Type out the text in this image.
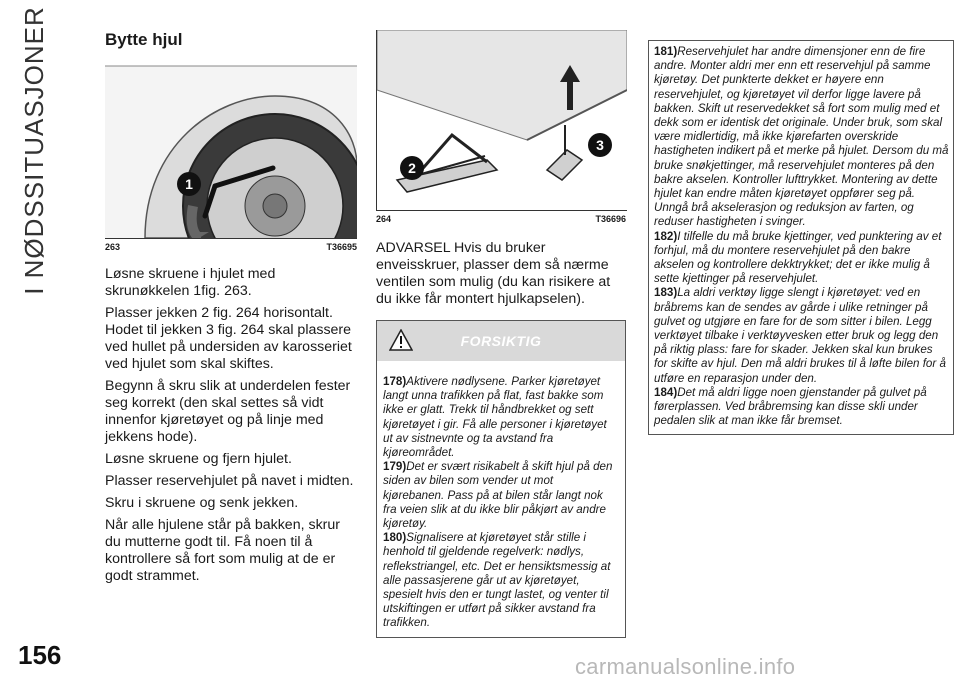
I NØDSSITUASJONER	Bytte hjul
1
263	T36695

Løsne skruene i hjulet med skrunøkkelen 1fig. 263.

Plasser jekken 2 fig. 264 horisontalt. Hodet til jekken 3 fig. 264 skal plassere ved hullet på undersiden av karosseriet ved hjulet som skal skiftes.

Begynn å skru slik at underdelen fester seg korrekt (den skal settes så vidt innenfor kjøretøyet og på linje med jekkens hode).

Løsne skruene og fjern hjulet.

Plasser reservehjulet på navet i midten.

Skru i skruene og senk jekken.

Når alle hjulene står på bakken, skrur du mutterne godt til. Få noen til å kontrollere så fort som mulig at de er godt strammet.

2
3
264	T36696
ADVARSEL Hvis du bruker enveisskruer, plasser dem så nærme ventilen som mulig (du kan risikere at du ikke får montert hjulkapselen).
FORSIKTIG

178)Aktivere nødlysene. Parker kjøretøyet langt unna trafikken på flat, fast bakke som ikke er glatt. Trekk til håndbrekket og sett kjøretøyet i gir. Få alle personer i kjøretøyet ut av sistnevnte og ta avstand fra kjøreområdet.

179)Det er svært risikabelt å skift hjul på den siden av bilen som vender ut mot kjørebanen. Pass på at bilen står langt nok fra veien slik at du ikke blir påkjørt av andre kjøretøy.

180)Signalisere at kjøretøyet står stille i henhold til gjeldende regelverk: nødlys, reflekstriangel, etc. Det er hensiktsmessig at alle passasjerene går ut av kjøretøyet, spesielt hvis den er tungt lastet, og venter til utskiftingen er utført på sikker avstand fra trafikken.

181)Reservehjulet har andre dimensjoner enn de fire andre. Monter aldri mer enn ett reservehjul på samme kjøretøy. Det punkterte dekket er høyere enn reservehjulet, og kjøretøyet vil derfor ligge lavere på bakken. Skift ut reservedekket så fort som mulig med et dekk som er identisk det originale. Under bruk, som skal være midlertidig, må ikke kjørefarten overskride hastigheten indikert på et merke på hjulet. Dersom du må bruke snøkjettinger, må reservehjulet monteres på den bakre akselen. Kontroller lufttrykket. Montering av dette hjulet kan endre måten kjøretøyet oppfører seg på. Unngå brå akselerasjon og reduksjon av farten, og reduser hastigheten i svinger.

182)I tilfelle du må bruke kjettinger, ved punktering av et forhjul, må du montere reservehjulet på den bakre akselen og kontrollere dekktrykket; det er ikke mulig å sette kjettinger på reservehjulet.

183)La aldri verktøy ligge slengt i kjøretøyet: ved en bråbrems kan de sendes av gårde i ulike retninger på gulvet og utgjøre en fare for de som sitter i bilen. Legg verktøyet tilbake i verktøyvesken etter bruk og legg den på riktig plass: fare for skader. Jekken skal kun brukes for skifte av hjul. Den må aldri brukes til å løfte bilen for å utføre en reparasjon under den.

184)Det må aldri ligge noen gjenstander på gulvet på førerplassen. Ved bråbremsing kan disse skli under pedalen slik at man ikke får bremset.

156	carmanualsonline.info
